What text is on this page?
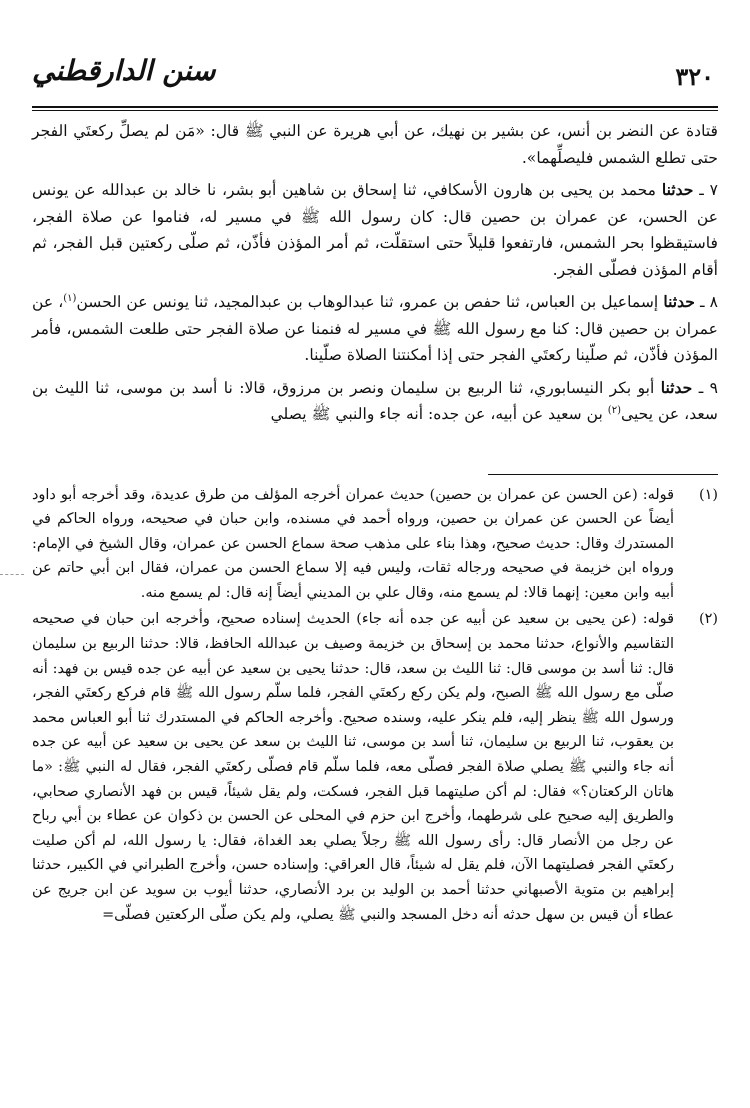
٣٢٠
سنن الدارقطني

قتادة عن النضر بن أنس، عن بشير بن نهيك، عن أبي هريرة عن النبي ﷺ قال: «مَن لم يصلِّ ركعتَي الفجر حتى تطلع الشمس فليصلِّهما».

٧ ـ حدثنا محمد بن يحيى بن هارون الأسكافي، ثنا إسحاق بن شاهين أبو بشر، نا خالد بن عبدالله عن يونس عن الحسن، عن عمران بن حصين قال: كان رسول الله ﷺ في مسير له، فناموا عن صلاة الفجر، فاستيقظوا بحر الشمس، فارتفعوا قليلاً حتى استقلّت، ثم أمر المؤذن فأذّن، ثم صلّى ركعتين قبل الفجر، ثم أقام المؤذن فصلّى الفجر.

٨ ـ حدثنا إسماعيل بن العباس، ثنا حفص بن عمرو، ثنا عبدالوهاب بن عبدالمجيد، ثنا يونس عن الحسن$^{(١)}$، عن عمران بن حصين قال: كنا مع رسول الله ﷺ في مسير له فنمنا عن صلاة الفجر حتى طلعت الشمس، فأمر المؤذن فأذّن، ثم صلّينا ركعتَي الفجر حتى إذا أمكنتنا الصلاة صلّينا.

٩ ـ حدثنا أبو بكر النيسابوري، ثنا الربيع بن سليمان ونصر بن مرزوق، قالا: نا أسد بن موسى، ثنا الليث بن سعد، عن يحيى$^{(٢)}$ بن سعيد عن أبيه، عن جده: أنه جاء والنبي ﷺ يصلي

(١)
قوله: (عن الحسن عن عمران بن حصين) حديث عمران أخرجه المؤلف من طرق عديدة، وقد أخرجه أبو داود أيضاً عن الحسن عن عمران بن حصين، ورواه أحمد في مسنده، وابن حبان في صحيحه، ورواه الحاكم في المستدرك وقال: حديث صحيح، وهذا بناء على مذهب صحة سماع الحسن عن عمران، وقال الشيخ في الإمام: ورواه ابن خزيمة في صحيحه ورجاله ثقات، وليس فيه إلا سماع الحسن من عمران، فقال ابن أبي حاتم عن أبيه وابن معين: إنهما قالا: لم يسمع منه، وقال علي بن المديني أيضاً إنه قال: لم يسمع منه.
(٢)
قوله: (عن يحيى بن سعيد عن أبيه عن جده أنه جاء) الحديث إسناده صحيح، وأخرجه ابن حبان في صحيحه التقاسيم والأنواع، حدثنا محمد بن إسحاق بن خزيمة وصيف بن عبدالله الحافظ، قالا: حدثنا الربيع بن سليمان قال: ثنا أسد بن موسى قال: ثنا الليث بن سعد، قال: حدثنا يحيى بن سعيد عن أبيه عن جده قيس بن فهد: أنه صلّى مع رسول الله ﷺ الصبح، ولم يكن ركع ركعتَي الفجر، فلما سلّم رسول الله ﷺ قام فركع ركعتَي الفجر، ورسول الله ﷺ ينظر إليه، فلم ينكر عليه، وسنده صحيح. وأخرجه الحاكم في المستدرك ثنا أبو العباس محمد بن يعقوب، ثنا الربيع بن سليمان، ثنا أسد بن موسى، ثنا الليث بن سعد عن يحيى بن سعيد عن أبيه عن جده أنه جاء والنبي ﷺ يصلي صلاة الفجر فصلّى معه، فلما سلّم قام فصلّى ركعتَي الفجر، فقال له النبي ﷺ: «ما هاتان الركعتان؟» فقال: لم أكن صليتهما قبل الفجر، فسكت، ولم يقل شيئاً، قيس بن فهد الأنصاري صحابي، والطريق إليه صحيح على شرطهما، وأخرج ابن حزم في المحلى عن الحسن بن ذكوان عن عطاء بن أبي رباح عن رجل من الأنصار قال: رأى رسول الله ﷺ رجلاً يصلي بعد الغداة، فقال: يا رسول الله، لم أكن صليت ركعتَي الفجر فصليتهما الآن، فلم يقل له شيئاً، قال العراقي: وإسناده حسن، وأخرج الطبراني في الكبير، حدثنا إبراهيم بن متوية الأصبهاني حدثنا أحمد بن الوليد بن برد الأنصاري، حدثنا أيوب بن سويد عن ابن جريج عن عطاء أن قيس بن سهل حدثه أنه دخل المسجد والنبي ﷺ يصلي، ولم يكن صلّى الركعتين فصلّى=
